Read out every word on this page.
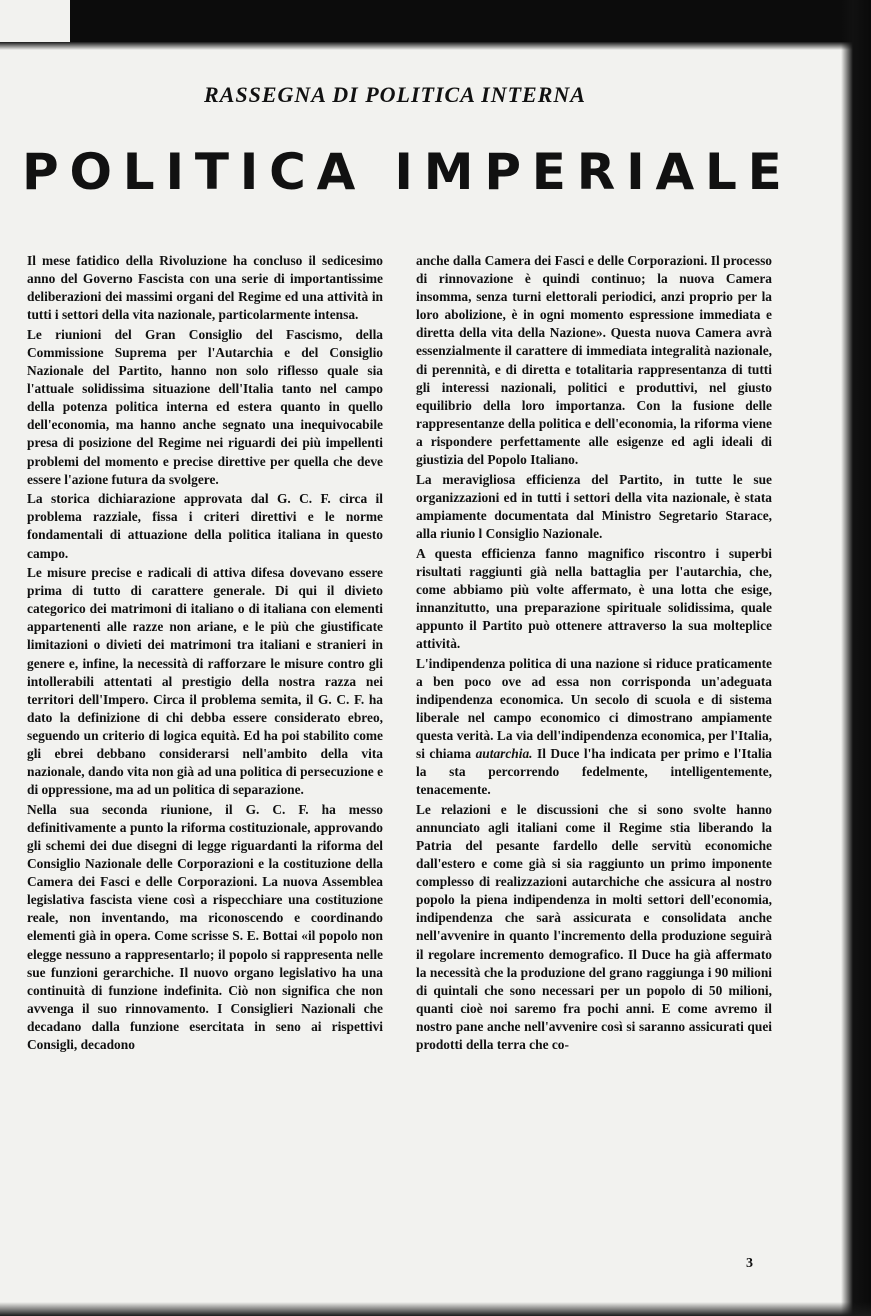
RASSEGNA DI POLITICA INTERNA
P O L I T I C A
I M P E R I A L E

Il mese fatidico della Rivoluzione ha concluso il sedicesimo anno del Governo Fascista con una serie di importantissime deliberazioni dei massimi organi del Regime ed una attività in tutti i settori della vita nazionale, particolarmente intensa.

Le riunioni del Gran Consiglio del Fascismo, della Commissione Suprema per l'Autarchia e del Consiglio Nazionale del Partito, hanno non solo riflesso quale sia l'attuale solidissima situazione dell'Italia tanto nel campo della potenza politica interna ed estera quanto in quello dell'economia, ma hanno anche segnato una inequivocabile presa di posizione del Regime nei riguardi dei più impellenti problemi del momento e precise direttive per quella che deve essere l'azione futura da svolgere.

La storica dichiarazione approvata dal G. C. F. circa il problema razziale, fissa i criteri direttivi e le norme fondamentali di attuazione della politica italiana in questo campo.

Le misure precise e radicali di attiva difesa dovevano essere prima di tutto di carattere generale. Di qui il divieto categorico dei matrimoni di italiano o di italiana con elementi appartenenti alle razze non ariane, e le più che giustificate limitazioni o divieti dei matrimoni tra italiani e stranieri in genere e, infine, la necessità di rafforzare le misure contro gli intollerabili attentati al prestigio della nostra razza nei territori dell'Impero. Circa il problema semita, il G. C. F. ha dato la definizione di chi debba essere considerato ebreo, seguendo un criterio di logica equità. Ed ha poi stabilito come gli ebrei debbano considerarsi nell'ambito della vita nazionale, dando vita non già ad una politica di persecuzione e di oppressione, ma ad un politica di separazione.

Nella sua seconda riunione, il G. C. F. ha messo definitivamente a punto la riforma costituzionale, approvando gli schemi dei due disegni di legge riguardanti la riforma del Consiglio Nazionale delle Corporazioni e la costituzione della Camera dei Fasci e delle Corporazioni. La nuova Assemblea legislativa fascista viene così a rispecchiare una costituzione reale, non inventando, ma riconoscendo e coordinando elementi già in opera. Come scrisse S. E. Bottai «il popolo non elegge nessuno a rappresentarlo; il popolo si rappresenta nelle sue funzioni gerarchiche. Il nuovo organo legislativo ha una continuità di funzione indefinita. Ciò non significa che non avvenga il suo rinnovamento. I Consiglieri Nazionali che decadano dalla funzione esercitata in seno ai rispettivi Consigli, decadono

anche dalla Camera dei Fasci e delle Corporazioni. Il processo di rinnovazione è quindi continuo; la nuova Camera insomma, senza turni elettorali periodici, anzi proprio per la loro abolizione, è in ogni momento espressione immediata e diretta della vita della Nazione». Questa nuova Camera avrà essenzialmente il carattere di immediata integralità nazionale, di perennità, e di diretta e totalitaria rappresentanza di tutti gli interessi nazionali, politici e produttivi, nel giusto equilibrio della loro importanza. Con la fusione delle rappresentanze della politica e dell'economia, la riforma viene a rispondere perfettamente alle esigenze ed agli ideali di giustizia del Popolo Italiano.

La meravigliosa efficienza del Partito, in tutte le sue organizzazioni ed in tutti i settori della vita nazionale, è stata ampiamente documentata dal Ministro Segretario Starace, alla riunio l Consiglio Nazionale.

A questa efficienza fanno magnifico riscontro i superbi risultati raggiunti già nella battaglia per l'autarchia, che, come abbiamo più volte affermato, è una lotta che esige, innanzitutto, una preparazione spirituale solidissima, quale appunto il Partito può ottenere attraverso la sua molteplice attività.

L'indipendenza politica di una nazione si riduce praticamente a ben poco ove ad essa non corrisponda un'adeguata indipendenza economica. Un secolo di scuola e di sistema liberale nel campo economico ci dimostrano ampiamente questa verità. La via dell'indipendenza economica, per l'Italia, si chiama autarchia. Il Duce l'ha indicata per primo e l'Italia la sta percorrendo fedelmente, intelligentemente, tenacemente.

Le relazioni e le discussioni che si sono svolte hanno annunciato agli italiani come il Regime stia liberando la Patria del pesante fardello delle servitù economiche dall'estero e come già si sia raggiunto un primo imponente complesso di realizzazioni autarchiche che assicura al nostro popolo la piena indipendenza in molti settori dell'economia, indipendenza che sarà assicurata e consolidata anche nell'avvenire in quanto l'incremento della produzione seguirà il regolare incremento demografico. Il Duce ha già affermato la necessità che la produzione del grano raggiunga i 90 milioni di quintali che sono necessari per un popolo di 50 milioni, quanti cioè noi saremo fra pochi anni. E come avremo il nostro pane anche nell'avvenire così si saranno assicurati quei prodotti della terra che co-

3
